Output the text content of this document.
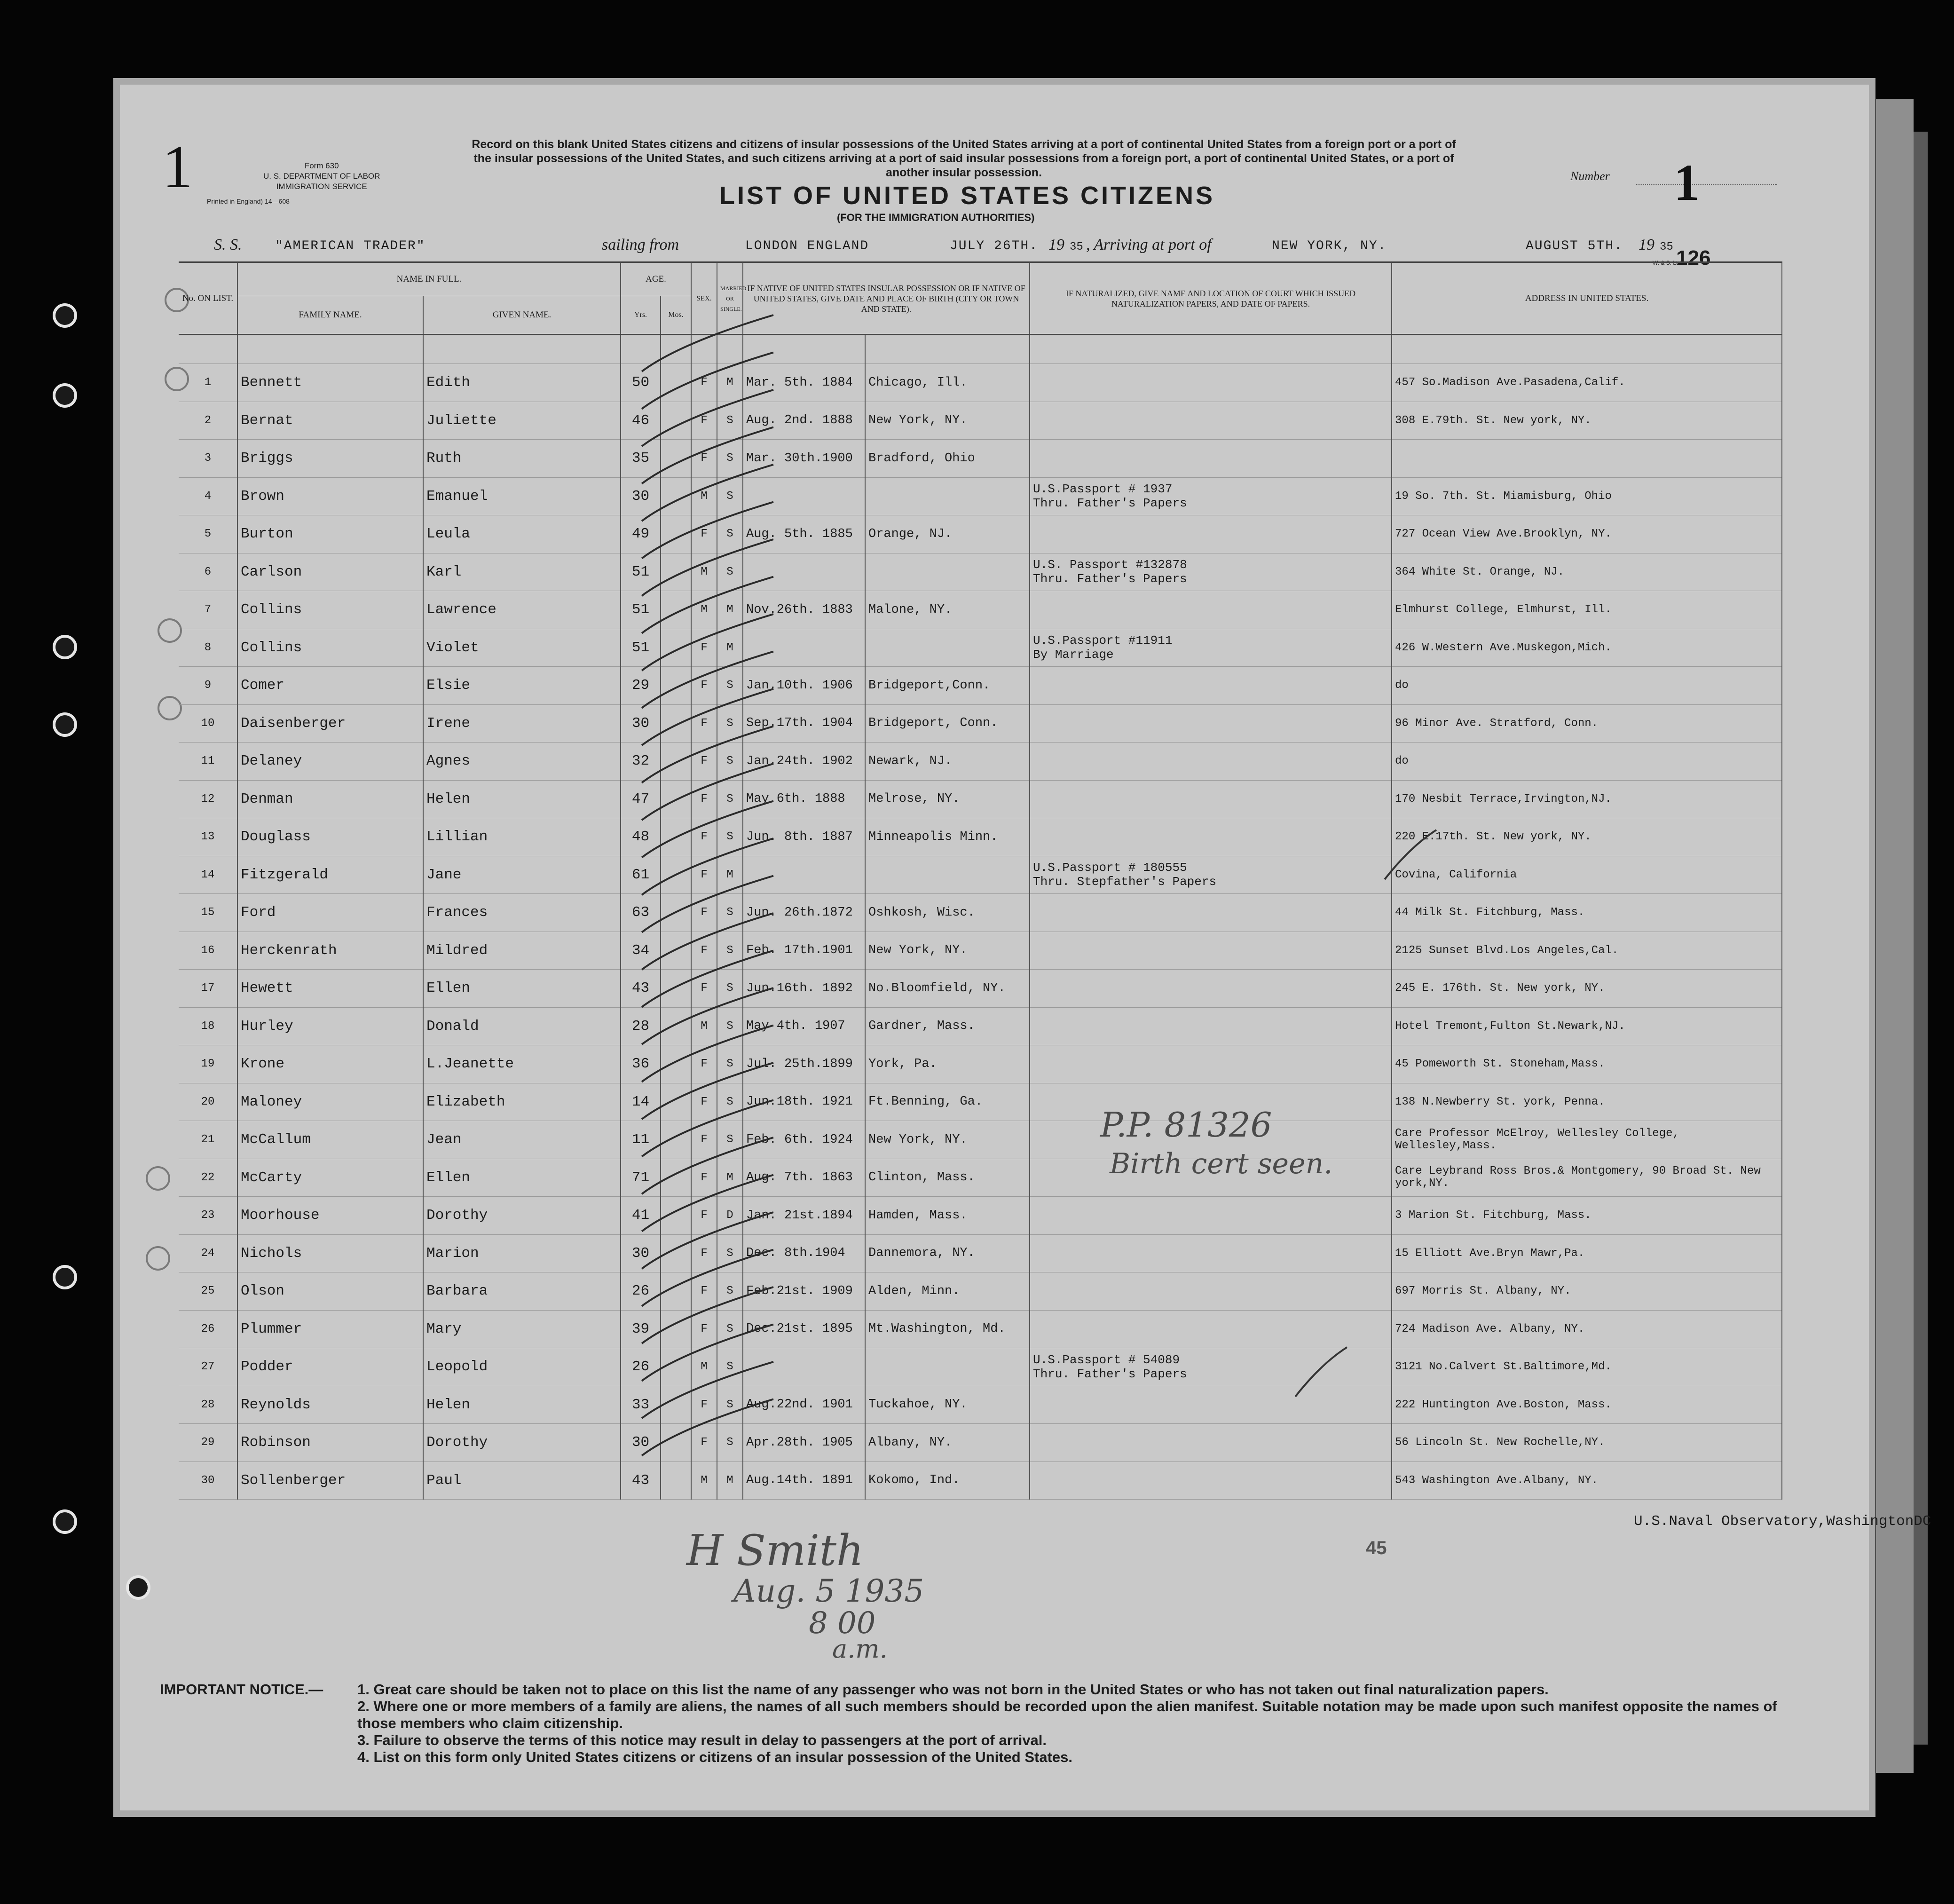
1	Form 630
U. S. DEPARTMENT OF LABOR
IMMIGRATION SERVICE
Printed in England) 14—608
Record on this blank United States citizens and citizens of insular possessions of the United States arriving at a port of continental United States from a foreign port or a port of the insular possessions of the United States, and such citizens arriving at a port of said insular possessions from a foreign port, a port of continental United States, or a port of another insular possession.
LIST OF UNITED STATES CITIZENS
(FOR THE IMMIGRATION AUTHORITIES)
Number 1
S. S.	"AMERICAN TRADER"	sailing from	LONDON ENGLAND	JULY 26TH. 19 35 , Arriving at port of	NEW YORK, NY.	AUGUST 5TH. 19 35 126
W. & S. Ltd.
No. ON LIST.	NAME IN FULL.		AGE.		SEX.	MARRIED OR SINGLE.	IF NATIVE OF UNITED STATES INSULAR POSSESSION OR IF NATIVE OF UNITED STATES, GIVE DATE AND PLACE OF BIRTH (CITY OR TOWN AND STATE).		IF NATURALIZED, GIVE NAME AND LOCATION OF COURT WHICH ISSUED NATURALIZATION PAPERS, AND DATE OF PAPERS.	ADDRESS IN UNITED STATES.
	FAMILY NAME.	GIVEN NAME.	Yrs.	Mos.						

1	Bennett	Edith	50		F	M	Mar. 5th. 1884	Chicago, Ill.		457 So.Madison Ave.Pasadena,Calif.
2	Bernat	Juliette	46		F	S	Aug. 2nd. 1888	New York, NY.		308 E.79th. St. New york, NY.
3	Briggs	Ruth	35		F	S	Mar. 30th.1900	Bradford, Ohio	

4	Brown	Emanuel	30		M	S			U.S.Passport # 1937
Thru. Father's Papers	19 So. 7th. St. Miamisburg, Ohio
5	Burton	Leula	49		F	S	Aug. 5th. 1885	Orange, NJ.		727 Ocean View Ave.Brooklyn, NY.
6	Carlson	Karl	51		M	S			U.S. Passport #132878
Thru. Father's Papers	364 White St. Orange, NJ.
7	Collins	Lawrence	51		M	M	Nov.26th. 1883	Malone, NY.		Elmhurst College, Elmhurst, Ill.
8	Collins	Violet	51		F	M			U.S.Passport #11911
By Marriage	426 W.Western Ave.Muskegon,Mich.
9	Comer	Elsie	29		F	S	Jan.10th. 1906	Bridgeport,Conn.		do
10	Daisenberger	Irene	30		F	S	Sep.17th. 1904	Bridgeport, Conn.		96 Minor Ave. Stratford, Conn.
11	Delaney	Agnes	32		F	S	Jan.24th. 1902	Newark, NJ.		do
12	Denman	Helen	47		F	S	May 6th. 1888	Melrose, NY.		170 Nesbit Terrace,Irvington,NJ.
13	Douglass	Lillian	48		F	S	Jun. 8th. 1887	Minneapolis Minn.		220 E.17th. St. New york, NY.
14	Fitzgerald	Jane	61		F	M			U.S.Passport # 180555
Thru. Stepfather's Papers	Covina, California
15	Ford	Frances	63		F	S	Jun. 26th.1872	Oshkosh, Wisc.		44 Milk St. Fitchburg, Mass.
16	Herckenrath	Mildred	34		F	S	Feb. 17th.1901	New York, NY.		2125 Sunset Blvd.Los Angeles,Cal.
17	Hewett	Ellen	43		F	S	Jun.16th. 1892	No.Bloomfield, NY.		245 E. 176th. St. New york, NY.
18	Hurley	Donald	28		M	S	May 4th. 1907	Gardner, Mass.		Hotel Tremont,Fulton St.Newark,NJ.
19	Krone	L.Jeanette	36		F	S	Jul. 25th.1899	York, Pa.		45 Pomeworth St. Stoneham,Mass.
20	Maloney	Elizabeth	14		F	S	Jun.18th. 1921	Ft.Benning, Ga.		138 N.Newberry St. york, Penna.
21	McCallum	Jean	11		F	S	Feb. 6th. 1924	New York, NY.		Care Professor McElroy, Wellesley College, Wellesley,Mass.
22	McCarty	Ellen	71		F	M	Aug. 7th. 1863	Clinton, Mass.		Care Leybrand Ross Bros.& Montgomery, 90 Broad St. New york,NY.
23	Moorhouse	Dorothy	41		F	D	Jan. 21st.1894	Hamden, Mass.		3 Marion St. Fitchburg, Mass.
24	Nichols	Marion	30		F	S	Dec. 8th.1904	Dannemora, NY.		15 Elliott Ave.Bryn Mawr,Pa.
25	Olson	Barbara	26		F	S	Feb.21st. 1909	Alden, Minn.		697 Morris St. Albany, NY.
26	Plummer	Mary	39		F	S	Dec.21st. 1895	Mt.Washington, Md.		724 Madison Ave. Albany, NY.
27	Podder	Leopold	26		M	S			U.S.Passport # 54089
Thru. Father's Papers	3121 No.Calvert St.Baltimore,Md.
28	Reynolds	Helen	33		F	S	Aug.22nd. 1901	Tuckahoe, NY.		222 Huntington Ave.Boston, Mass.
29	Robinson	Dorothy	30		F	S	Apr.28th. 1905	Albany, NY.		56 Lincoln St. New Rochelle,NY.
30	Sollenberger	Paul	43		M	M	Aug.14th. 1891	Kokomo, Ind.		543 Washington Ave.Albany, NY.
U.S.Naval Observatory,WashingtonDC
P.P. 81326
Birth cert seen.
H Smith
Aug. 5 1935
8 00
a.m.
45
IMPORTANT NOTICE.— 1. Great care should be taken not to place on this list the name of any passenger who was not born in the United States or who has not taken out final naturalization papers.
2. Where one or more members of a family are aliens, the names of all such members should be recorded upon the alien manifest. Suitable notation may be made upon such manifest opposite the names of those members who claim citizenship.
3. Failure to observe the terms of this notice may result in delay to passengers at the port of arrival.
4. List on this form only United States citizens or citizens of an insular possession of the United States.
